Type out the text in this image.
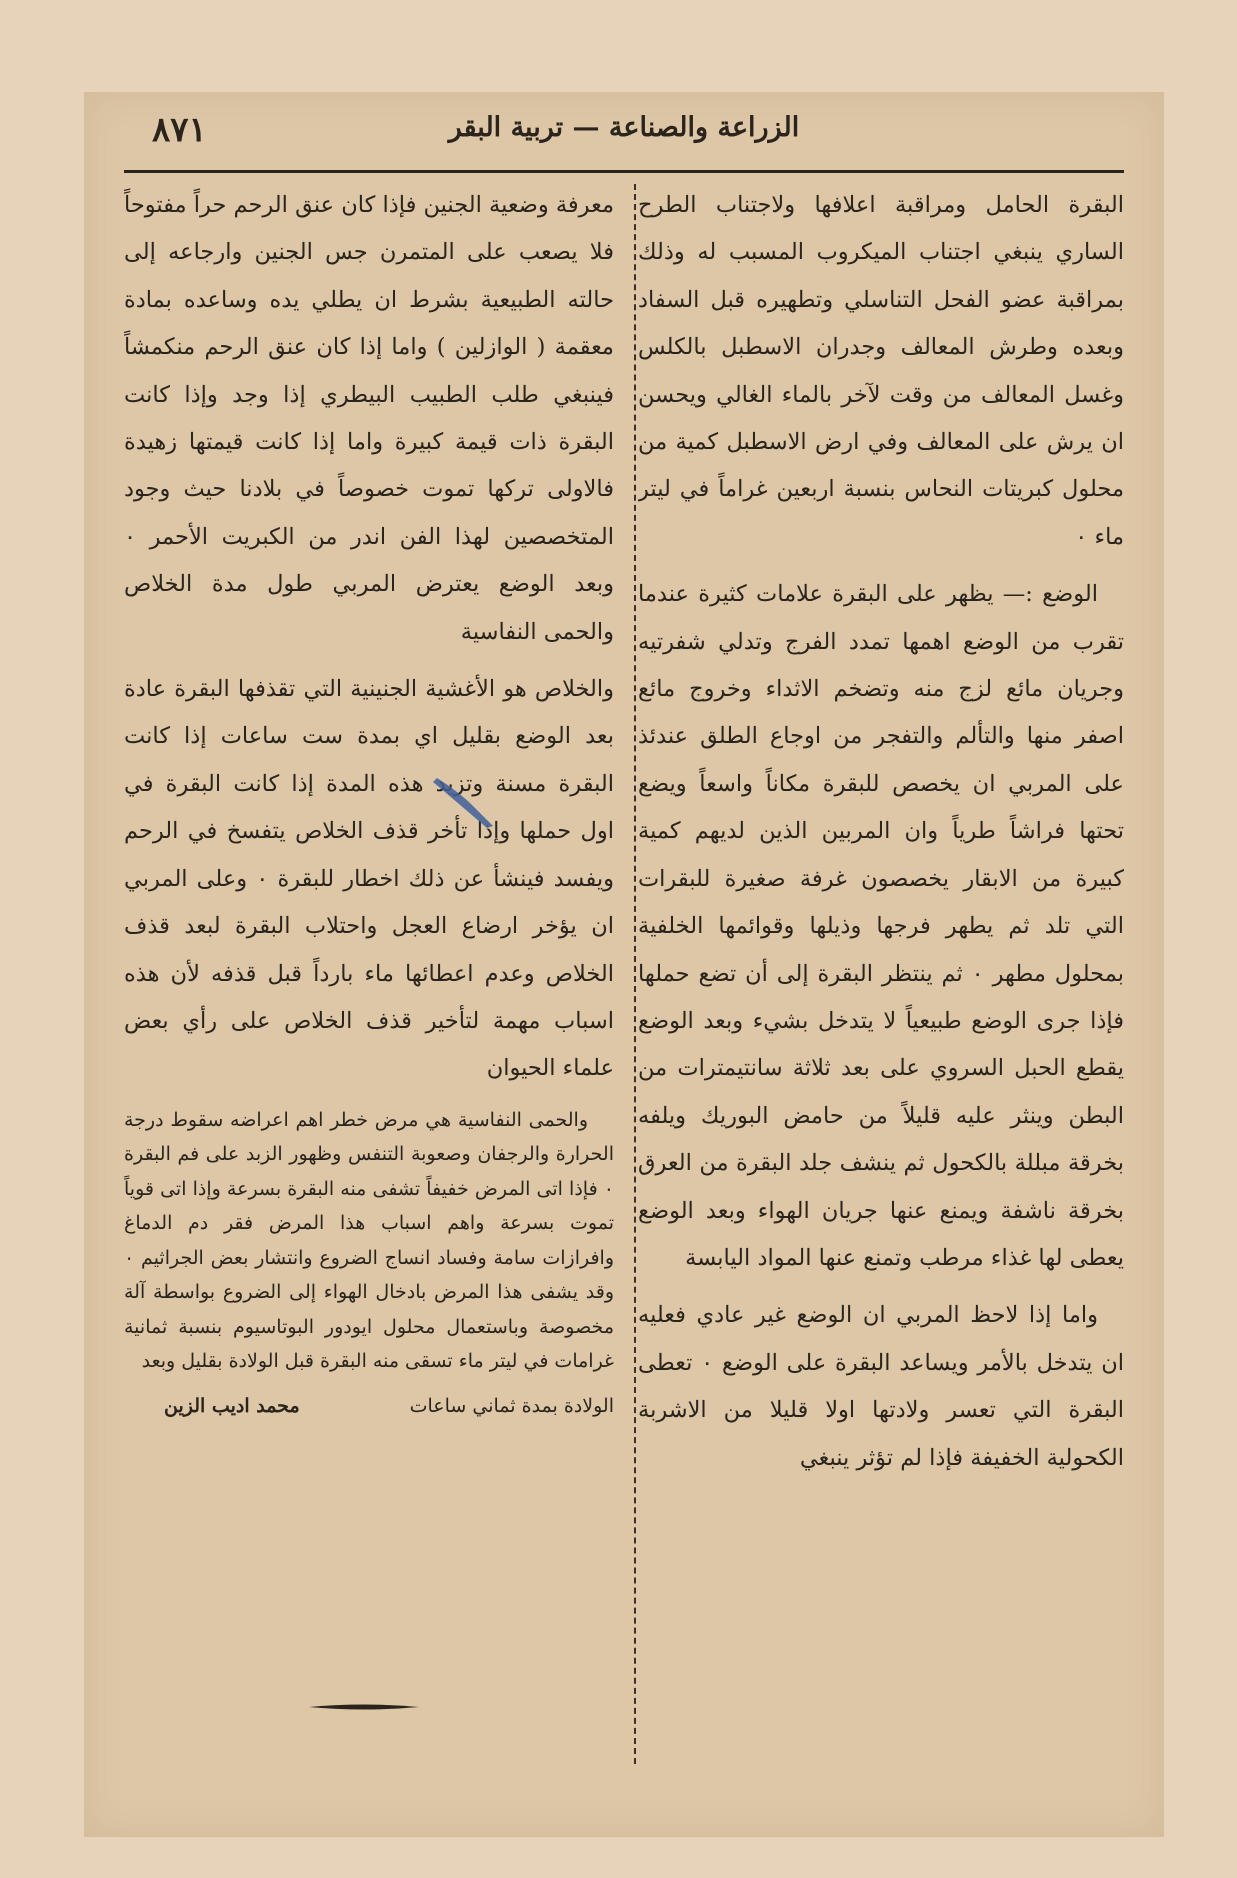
الزراعة والصناعة — تربية البقر
٨٧١

البقرة الحامل ومراقبة اعلافها ولاجتناب الطرح الساري ينبغي اجتناب الميكروب المسبب له وذلك بمراقبة عضو الفحل التناسلي وتطهيره قبل السفاد وبعده وطرش المعالف وجدران الاسطبل بالكلس وغسل المعالف من وقت لآخر بالماء الغالي ويحسن ان يرش على المعالف وفي ارض الاسطبل كمية من محلول كبريتات النحاس بنسبة اربعين غراماً في ليتر ماء ٠

الوضع :— يظهر على البقرة علامات كثيرة عندما تقرب من الوضع اهمها تمدد الفرج وتدلي شفرتيه وجريان مائع لزج منه وتضخم الاثداء وخروج مائع اصفر منها والتألم والتفجر من اوجاع الطلق عندئذ على المربي ان يخصص للبقرة مكاناً واسعاً ويضع تحتها فراشاً طرياً وان المربين الذين لديهم كمية كبيرة من الابقار يخصصون غرفة صغيرة للبقرات التي تلد ثم يطهر فرجها وذيلها وقوائمها الخلفية بمحلول مطهر ٠ ثم ينتظر البقرة إلى أن تضع حملها فإذا جرى الوضع طبيعياً لا يتدخل بشيء وبعد الوضع يقطع الحبل السروي على بعد ثلاثة سانتيمترات من البطن وينثر عليه قليلاً من حامض البوريك ويلفه بخرقة مبللة بالكحول ثم ينشف جلد البقرة من العرق بخرقة ناشفة ويمنع عنها جريان الهواء وبعد الوضع يعطى لها غذاء مرطب وتمنع عنها المواد اليابسة

واما إذا لاحظ المربي ان الوضع غير عادي فعليه ان يتدخل بالأمر ويساعد البقرة على الوضع ٠ تعطى البقرة التي تعسر ولادتها اولا قليلا من الاشربة الكحولية الخفيفة فإذا لم تؤثر ينبغي

معرفة وضعية الجنين فإذا كان عنق الرحم حراً مفتوحاً فلا يصعب على المتمرن جس الجنين وارجاعه إلى حالته الطبيعية بشرط ان يطلي يده وساعده بمادة معقمة ( الوازلين ) واما إذا كان عنق الرحم منكمشاً فينبغي طلب الطبيب البيطري إذا وجد وإذا كانت البقرة ذات قيمة كبيرة واما إذا كانت قيمتها زهيدة فالاولى تركها تموت خصوصاً في بلادنا حيث وجود المتخصصين لهذا الفن اندر من الكبريت الأحمر ٠ وبعد الوضع يعترض المربي طول مدة الخلاص والحمى النفاسية

والخلاص هو الأغشية الجنينية التي تقذفها البقرة عادة بعد الوضع بقليل اي بمدة ست ساعات إذا كانت البقرة مسنة وتزيد هذه المدة إذا كانت البقرة في اول حملها وإذا تأخر قذف الخلاص يتفسخ في الرحم ويفسد فينشأ عن ذلك اخطار للبقرة ٠ وعلى المربي ان يؤخر ارضاع العجل واحتلاب البقرة لبعد قذف الخلاص وعدم اعطائها ماء بارداً قبل قذفه لأن هذه اسباب مهمة لتأخير قذف الخلاص على رأي بعض علماء الحيوان

والحمى النفاسية هي مرض خطر اهم اعراضه سقوط درجة الحرارة والرجفان وصعوبة التنفس وظهور الزبد على فم البقرة ٠ فإذا اتى المرض خفيفاً تشفى منه البقرة بسرعة وإذا اتى قوياً تموت بسرعة واهم اسباب هذا المرض فقر دم الدماغ وافرازات سامة وفساد انساج الضروع وانتشار بعض الجراثيم ٠ وقد يشفى هذا المرض بادخال الهواء إلى الضروع بواسطة آلة مخصوصة وباستعمال محلول ايودور البوتاسيوم بنسبة ثمانية غرامات في ليتر ماء تسقى منه البقرة قبل الولادة بقليل وبعد

الولادة بمدة ثماني ساعات
محمد اديب الزين
